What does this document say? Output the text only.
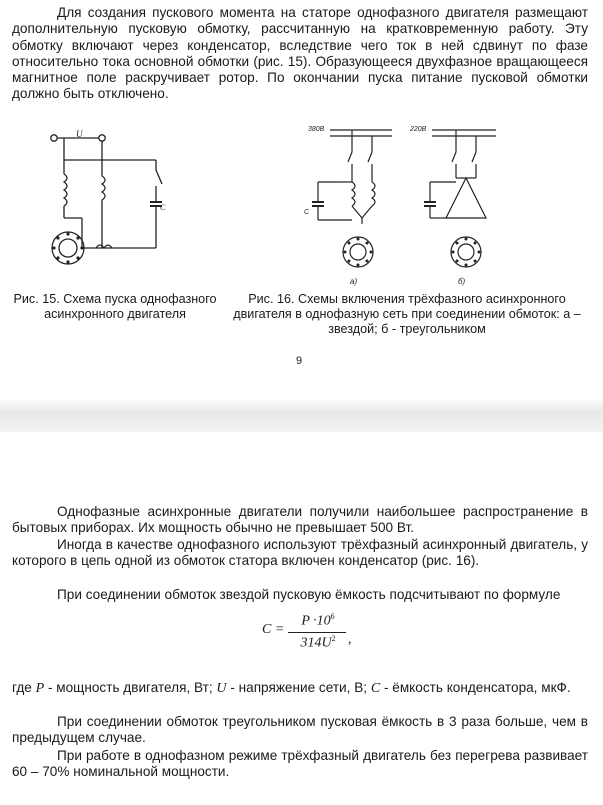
Для создания пускового момента на статоре однофазного двигателя размещают дополнительную пусковую обмотку, рассчитанную на кратковременную работу. Эту обмотку включают через конденсатор, вследствие чего ток в ней сдвинут по фазе относительно тока основной обмотки (рис. 15). Образующееся двухфазное вращающееся магнитное поле раскручивает ротор. По окончании пуска питание пусковой обмотки должно быть отключено.

U
C

Рис. 15. Схема пуска однофазного асинхронного двигателя

380В
C
а)
220В
б)

Рис. 16. Схемы включения трёхфазного асинхронного двигателя в однофазную сеть при соединении обмоток: а – звездой; б - треугольником

9

Однофазные асинхронные двигатели получили наибольшее распространение в бытовых приборах. Их мощность обычно не превышает 500 Вт.

Иногда в качестве однофазного используют трёхфазный асинхронный двигатель, у которого в цепь одной из обмоток статора включен конденсатор (рис. 16).

При соединении обмоток звездой пусковую ёмкость подсчитывают по формуле

C =
$P \cdot 10^6$
$314U^2$ ,

где P - мощность двигателя, Вт; U - напряжение сети, В; C - ёмкость конденсатора, мкФ.

При соединении обмоток треугольником пусковая ёмкость в 3 раза больше, чем в предыдущем случае.

При работе в однофазном режиме трёхфазный двигатель без перегрева развивает 60 – 70% номинальной мощности.
